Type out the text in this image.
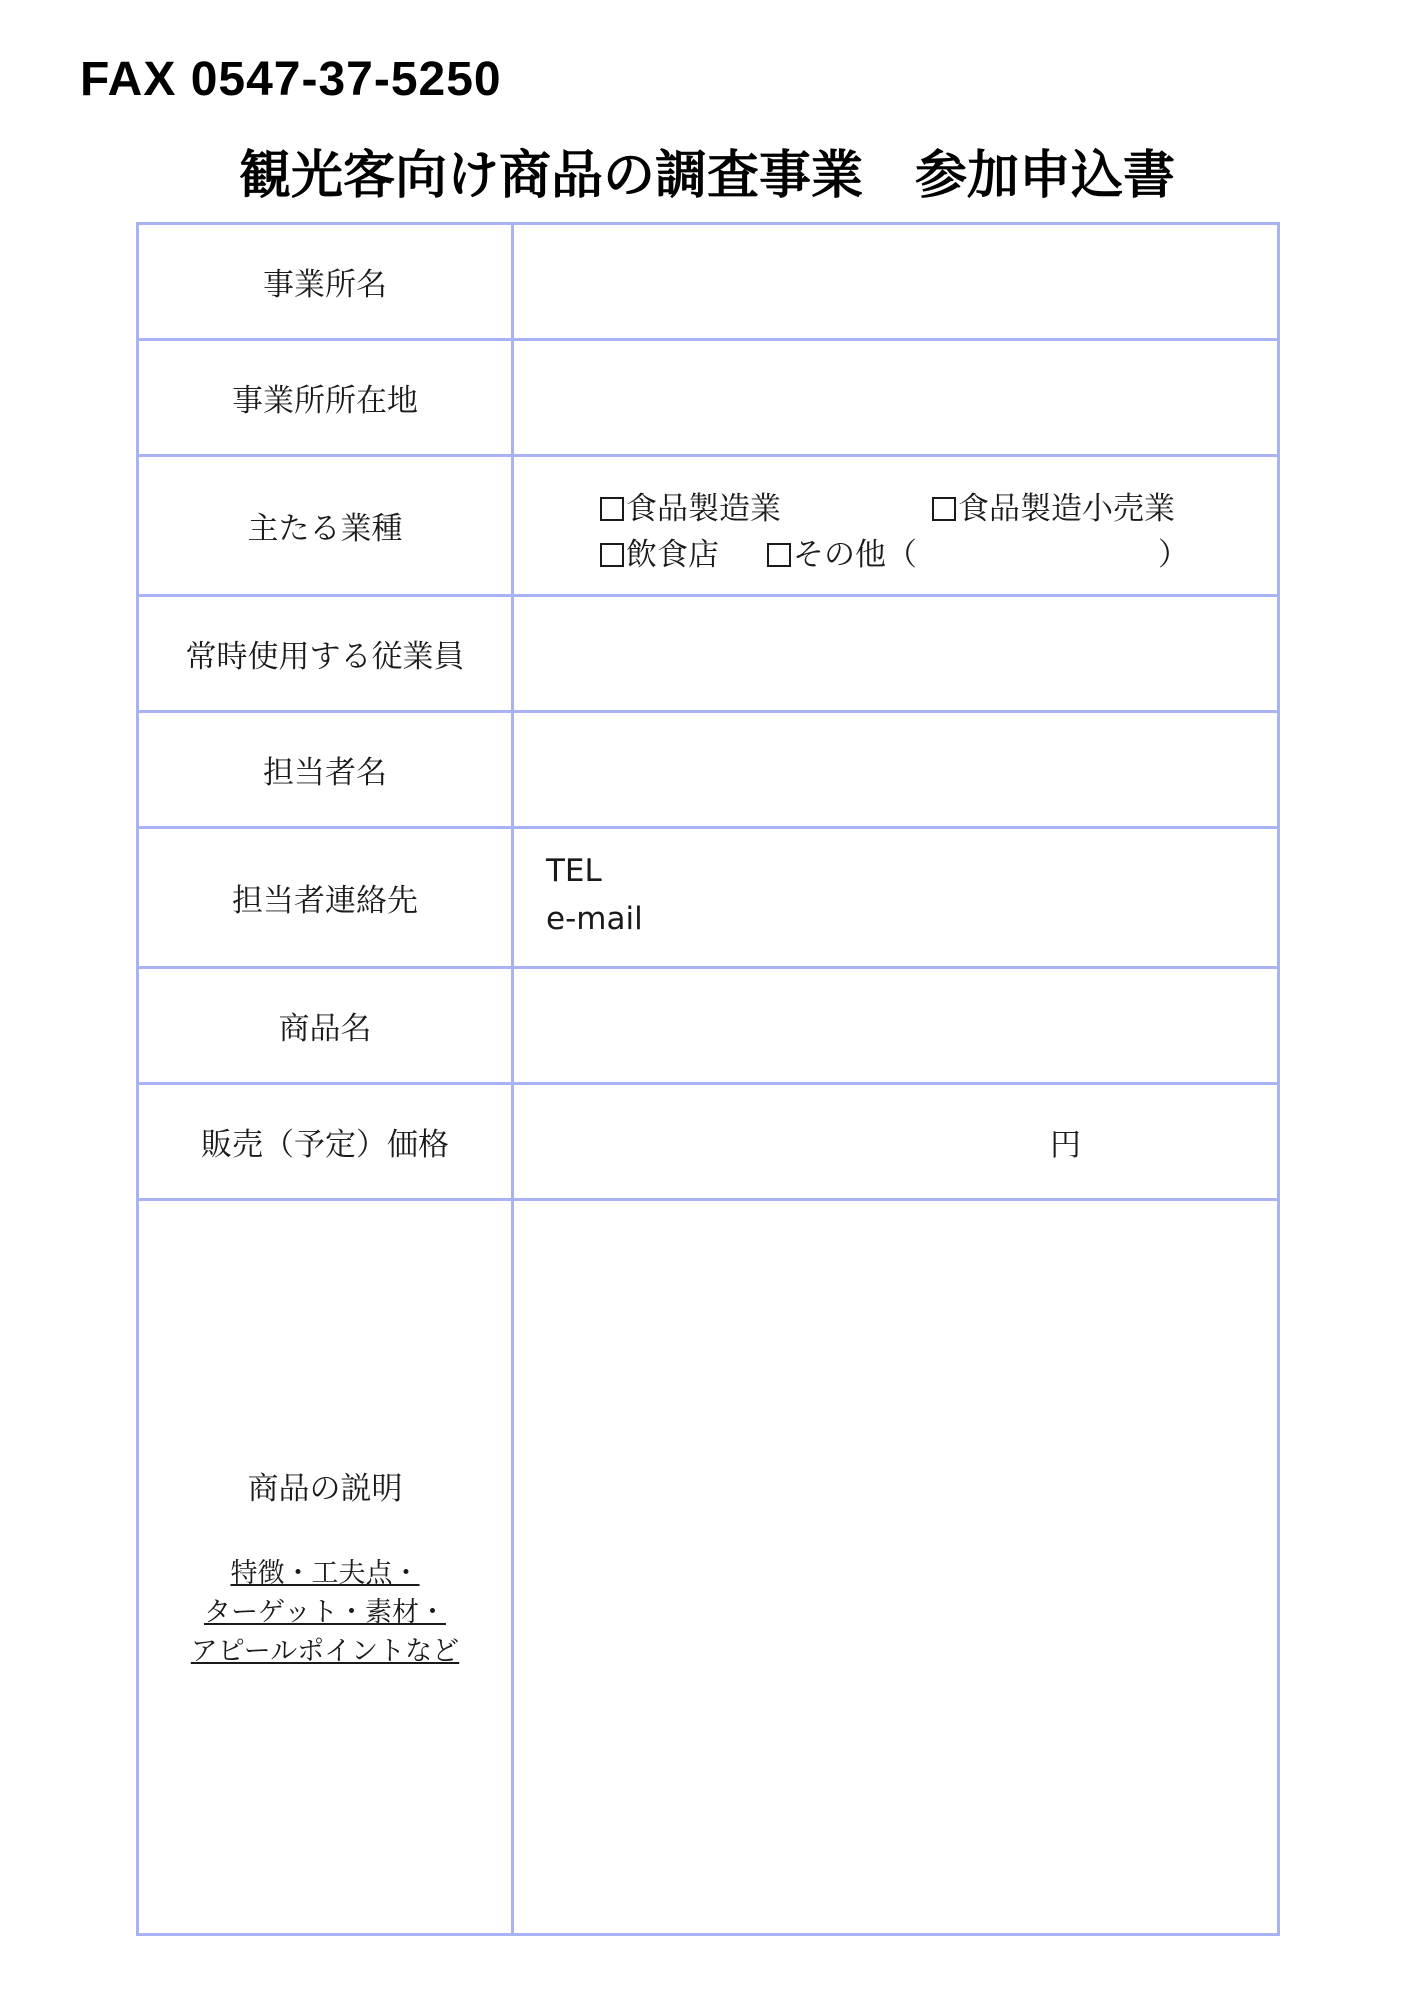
FAX 0547-37-5250
観光客向け商品の調査事業　参加申込書
事業所名	
事業所所在地	
主たる業種	食品製造業 食品製造小売業
飲食店 その他（ ）

常時使用する従業員	
担当者名	
担当者連絡先	TEL
e-mail

商品名	
販売（予定）価格	円

商品の説明
特徴・工夫点・
ターゲット・素材・
アピールポイントなど	
